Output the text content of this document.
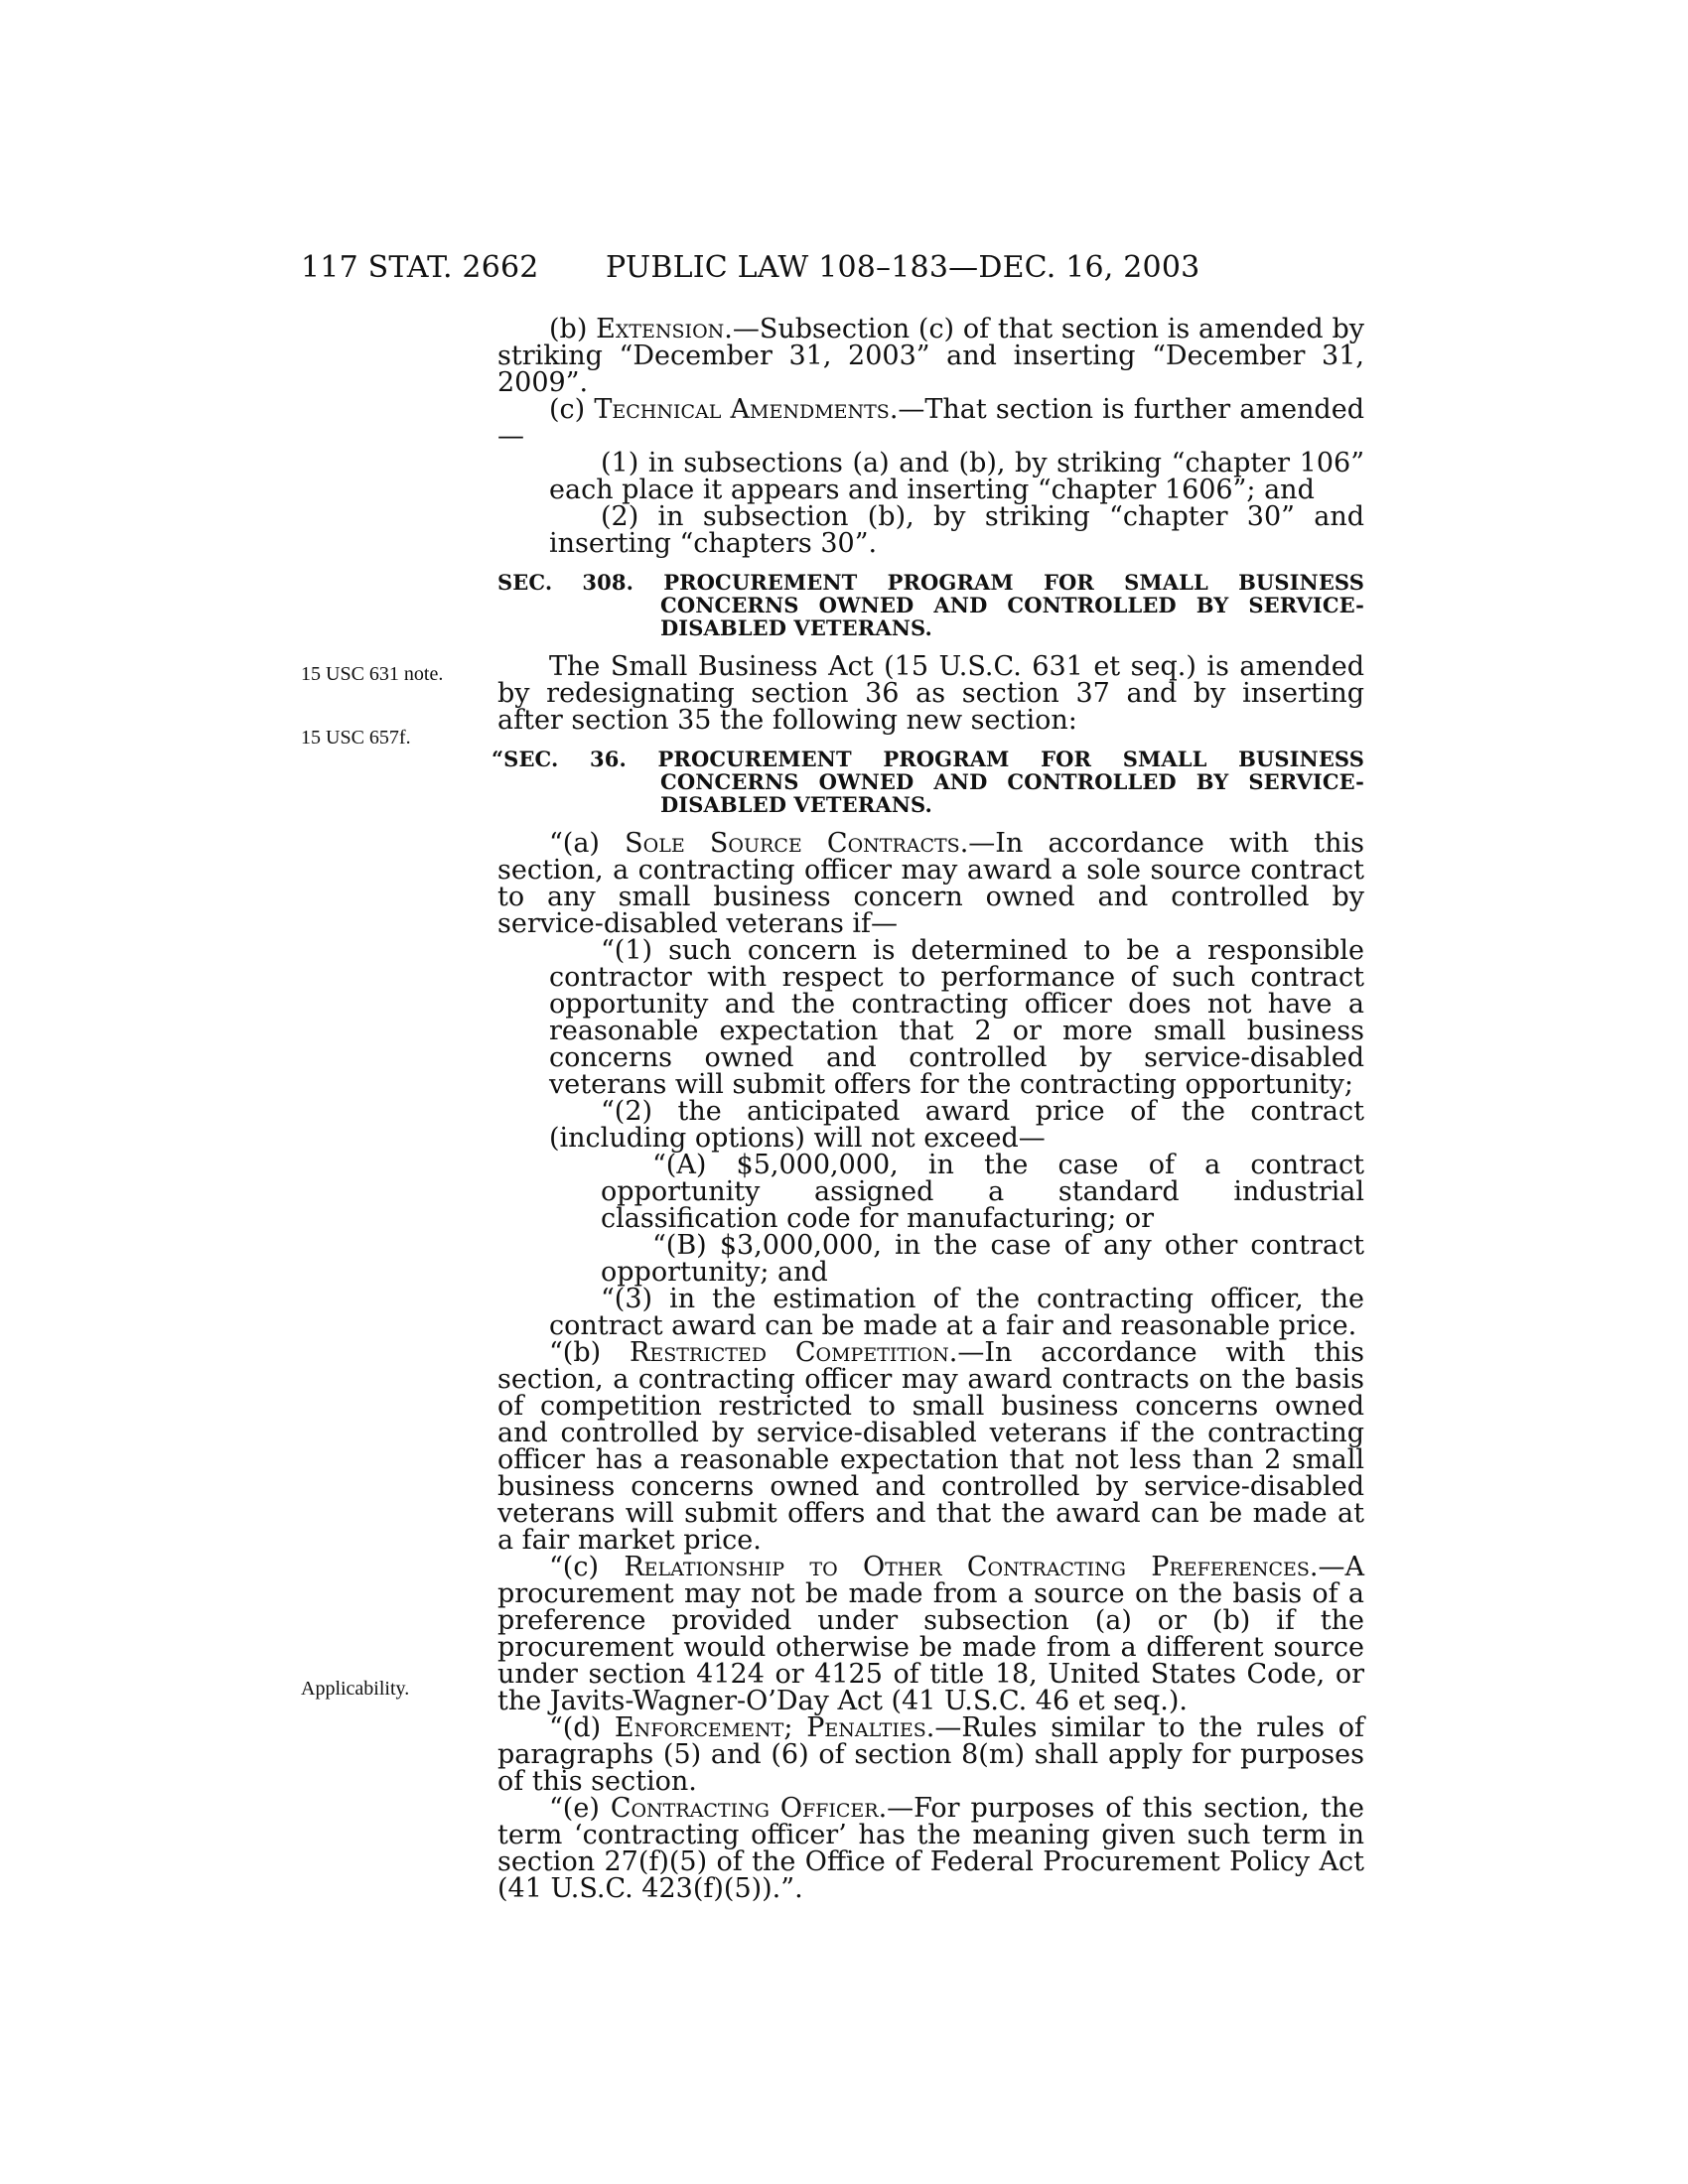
117 STAT. 2662 PUBLIC LAW 108–183—DEC. 16, 2003
15 USC 631 note.
15 USC 657f.
Applicability.

(b) Extension.—Subsection (c) of that section is amended by striking “December 31, 2003” and inserting “December 31, 2009”.

(c) Technical Amendments.—That section is further amended—

(1) in subsections (a) and (b), by striking “chapter 106” each place it appears and inserting “chapter 1606”; and

(2) in subsection (b), by striking “chapter 30” and inserting “chapters 30”.

SEC. 308. PROCUREMENT PROGRAM FOR SMALL BUSINESS CONCERNS OWNED AND CONTROLLED BY SERVICE-DISABLED VETERANS.

The Small Business Act (15 U.S.C. 631 et seq.) is amended by redesignating section 36 as section 37 and by inserting after section 35 the following new section:

“SEC. 36. PROCUREMENT PROGRAM FOR SMALL BUSINESS CONCERNS OWNED AND CONTROLLED BY SERVICE-DISABLED VETERANS.

“(a) Sole Source Contracts.—In accordance with this section, a contracting officer may award a sole source contract to any small business concern owned and controlled by service-disabled veterans if—

“(1) such concern is determined to be a responsible contractor with respect to performance of such contract opportunity and the contracting officer does not have a reasonable expectation that 2 or more small business concerns owned and controlled by service-disabled veterans will submit offers for the contracting opportunity;

“(2) the anticipated award price of the contract (including options) will not exceed—

“(A) $5,000,000, in the case of a contract opportunity assigned a standard industrial classification code for manufacturing; or

“(B) $3,000,000, in the case of any other contract opportunity; and

“(3) in the estimation of the contracting officer, the contract award can be made at a fair and reasonable price.

“(b) Restricted Competition.—In accordance with this section, a contracting officer may award contracts on the basis of competition restricted to small business concerns owned and controlled by service-disabled veterans if the contracting officer has a reasonable expectation that not less than 2 small business concerns owned and controlled by service-disabled veterans will submit offers and that the award can be made at a fair market price.

“(c) Relationship to Other Contracting Preferences.—A procurement may not be made from a source on the basis of a preference provided under subsection (a) or (b) if the procurement would otherwise be made from a different source under section 4124 or 4125 of title 18, United States Code, or the Javits-Wagner-O’Day Act (41 U.S.C. 46 et seq.).

“(d) Enforcement; Penalties.—Rules similar to the rules of paragraphs (5) and (6) of section 8(m) shall apply for purposes of this section.

“(e) Contracting Officer.—For purposes of this section, the term ‘contracting officer’ has the meaning given such term in section 27(f)(5) of the Office of Federal Procurement Policy Act (41 U.S.C. 423(f)(5)).”.
